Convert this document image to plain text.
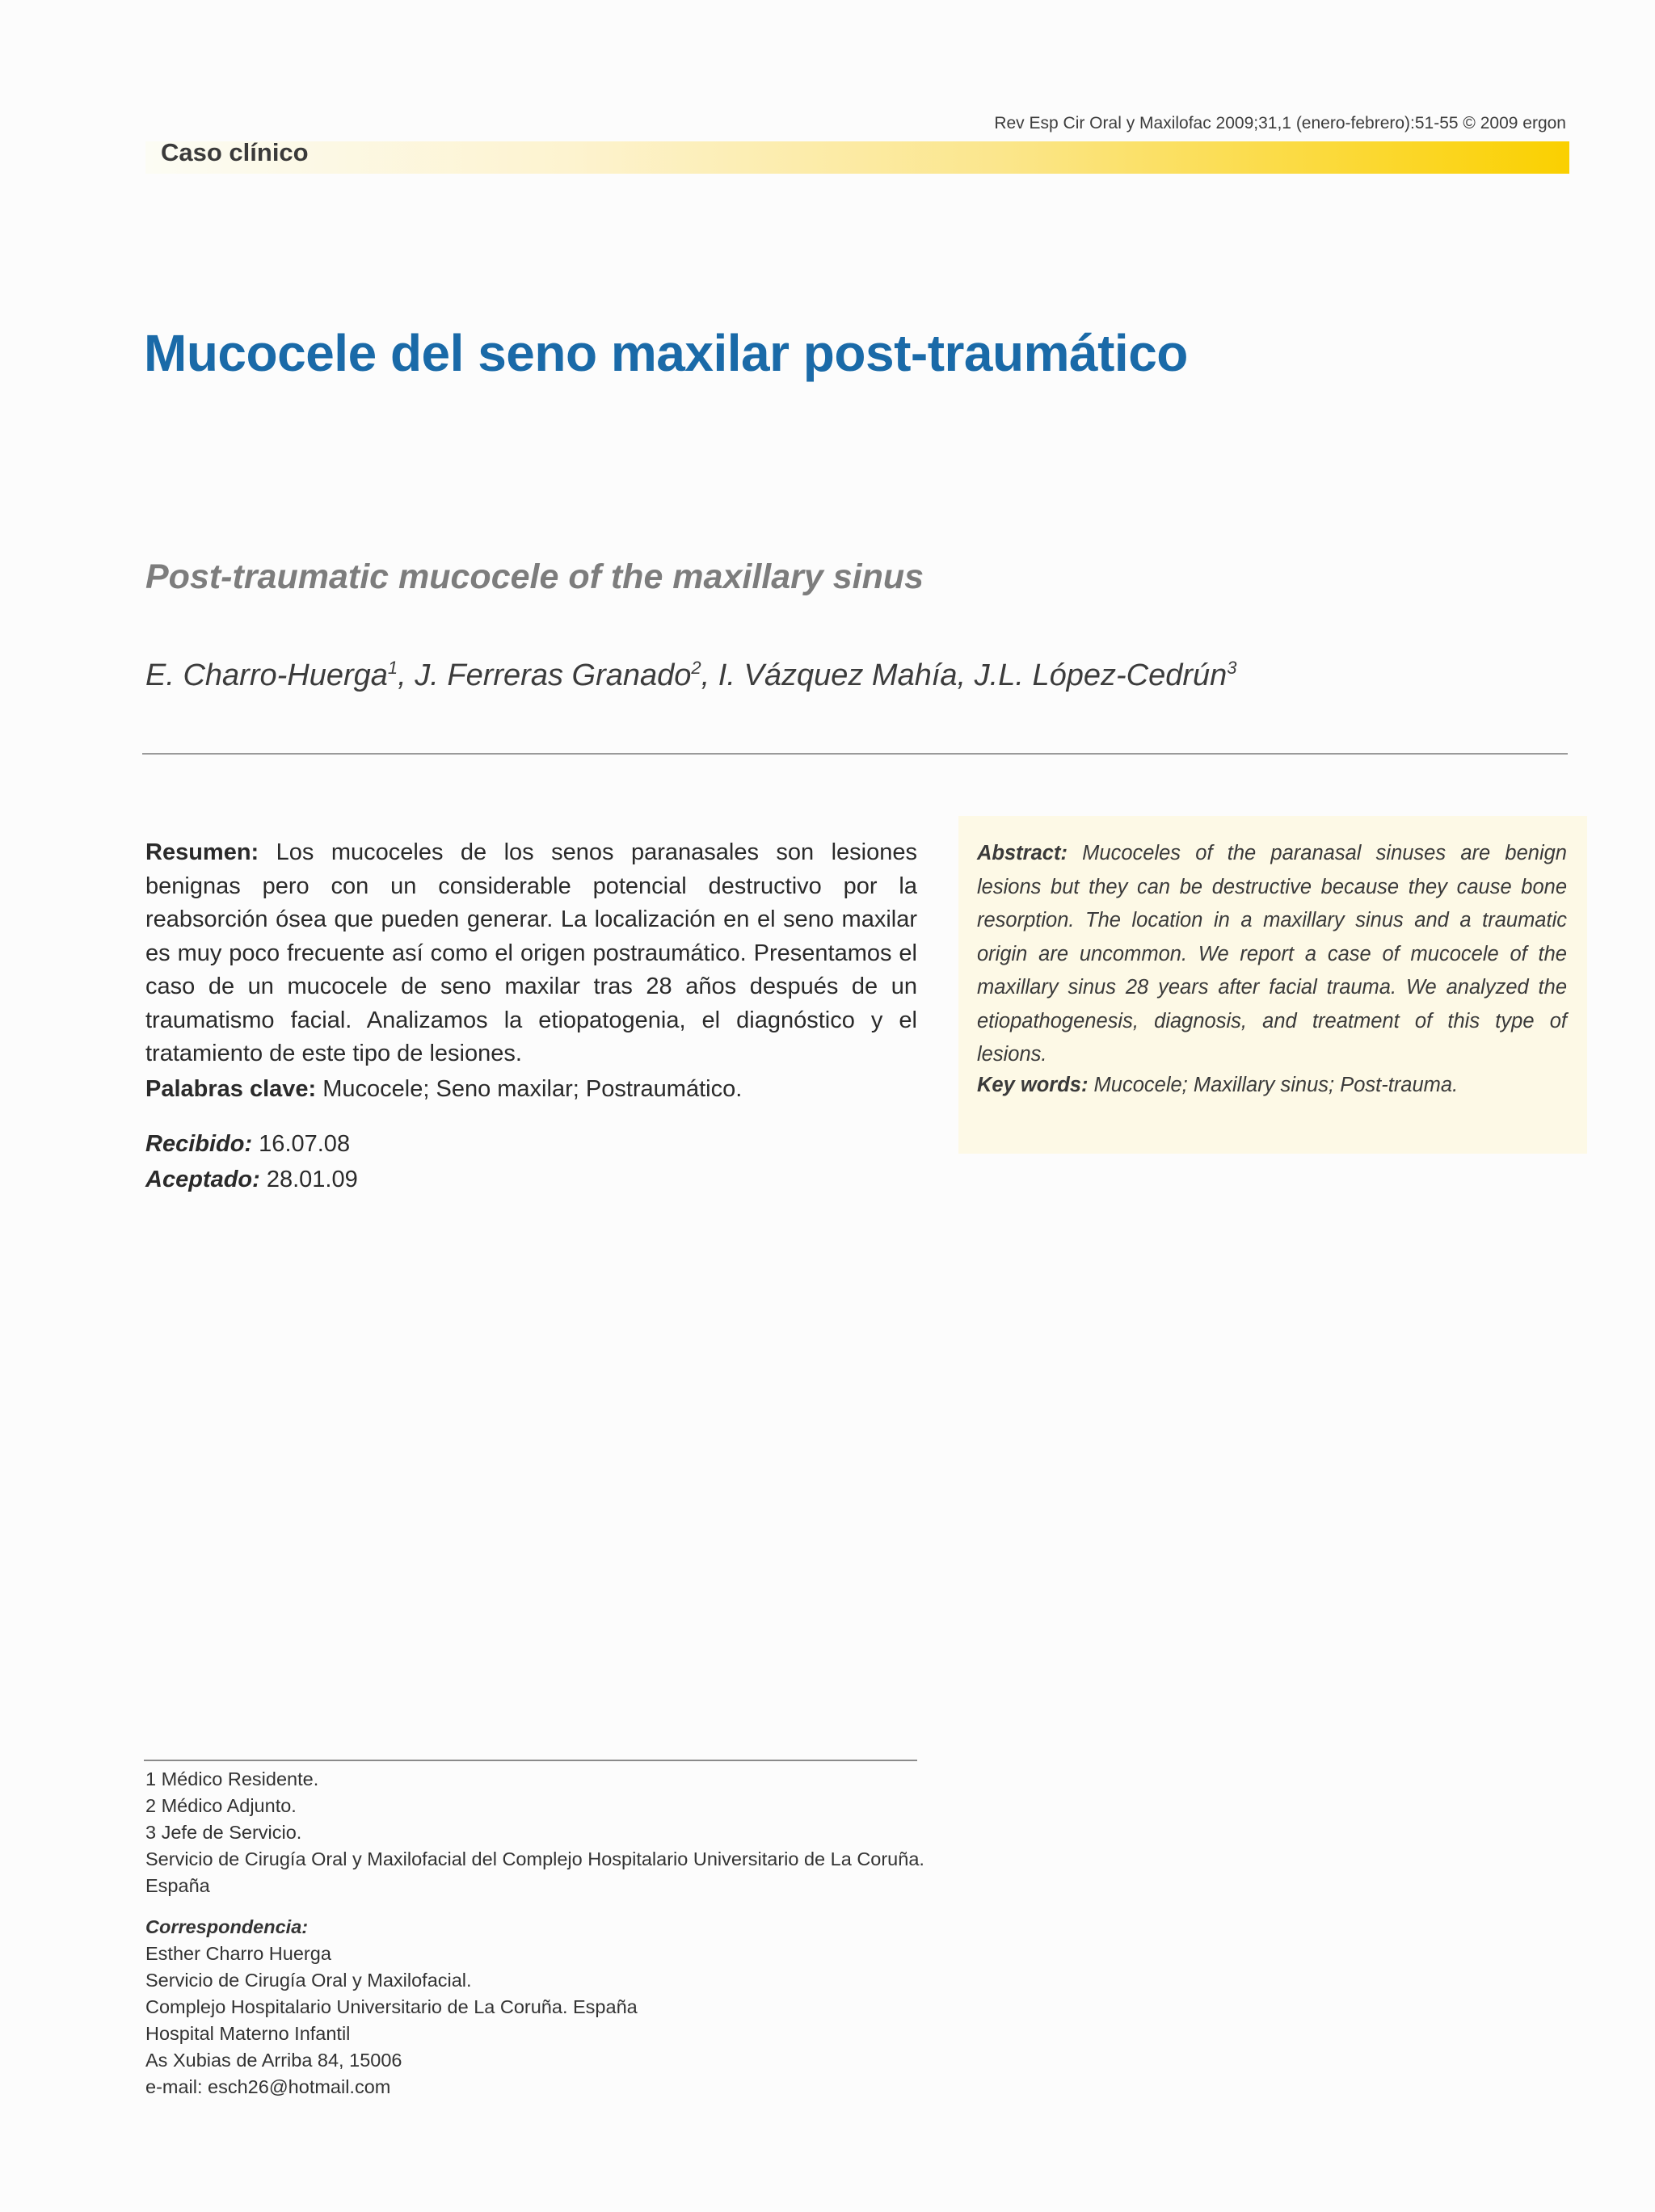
Rev Esp Cir Oral y Maxilofac 2009;31,1 (enero-febrero):51-55 © 2009 ergon
Caso clínico
Mucocele del seno maxilar post-traumático
Post-traumatic mucocele of the maxillary sinus
E. Charro-Huerga$^1$, J. Ferreras Granado$^2$, I. Vázquez Mahía, J.L. López-Cedrún$^3$
Resumen: Los mucoceles de los senos paranasales son lesiones benignas pero con un considerable potencial destructivo por la reabsorción ósea que pueden generar. La localización en el seno maxilar es muy poco frecuente así como el origen postraumático. Presentamos el caso de un mucocele de seno maxilar tras 28 años después de un traumatismo facial. Analizamos la etiopatogenia, el diagnóstico y el tratamiento de este tipo de lesiones.
Palabras clave: Mucocele; Seno maxilar; Postraumático.
Recibido: 16.07.08
Aceptado: 28.01.09
Abstract: Mucoceles of the paranasal sinuses are benign lesions but they can be destructive because they cause bone resorption. The location in a maxillary sinus and a traumatic origin are uncommon. We report a case of mucocele of the maxillary sinus 28 years after facial trauma. We analyzed the etiopathogenesis, diagnosis, and treatment of this type of lesions.
Key words: Mucocele; Maxillary sinus; Post-trauma.
1 Médico Residente.
2 Médico Adjunto.
3 Jefe de Servicio.
Servicio de Cirugía Oral y Maxilofacial del Complejo Hospitalario Universitario de La Coruña.
España
Correspondencia:
Esther Charro Huerga
Servicio de Cirugía Oral y Maxilofacial.
Complejo Hospitalario Universitario de La Coruña. España
Hospital Materno Infantil
As Xubias de Arriba 84, 15006
e-mail: esch26@hotmail.com
